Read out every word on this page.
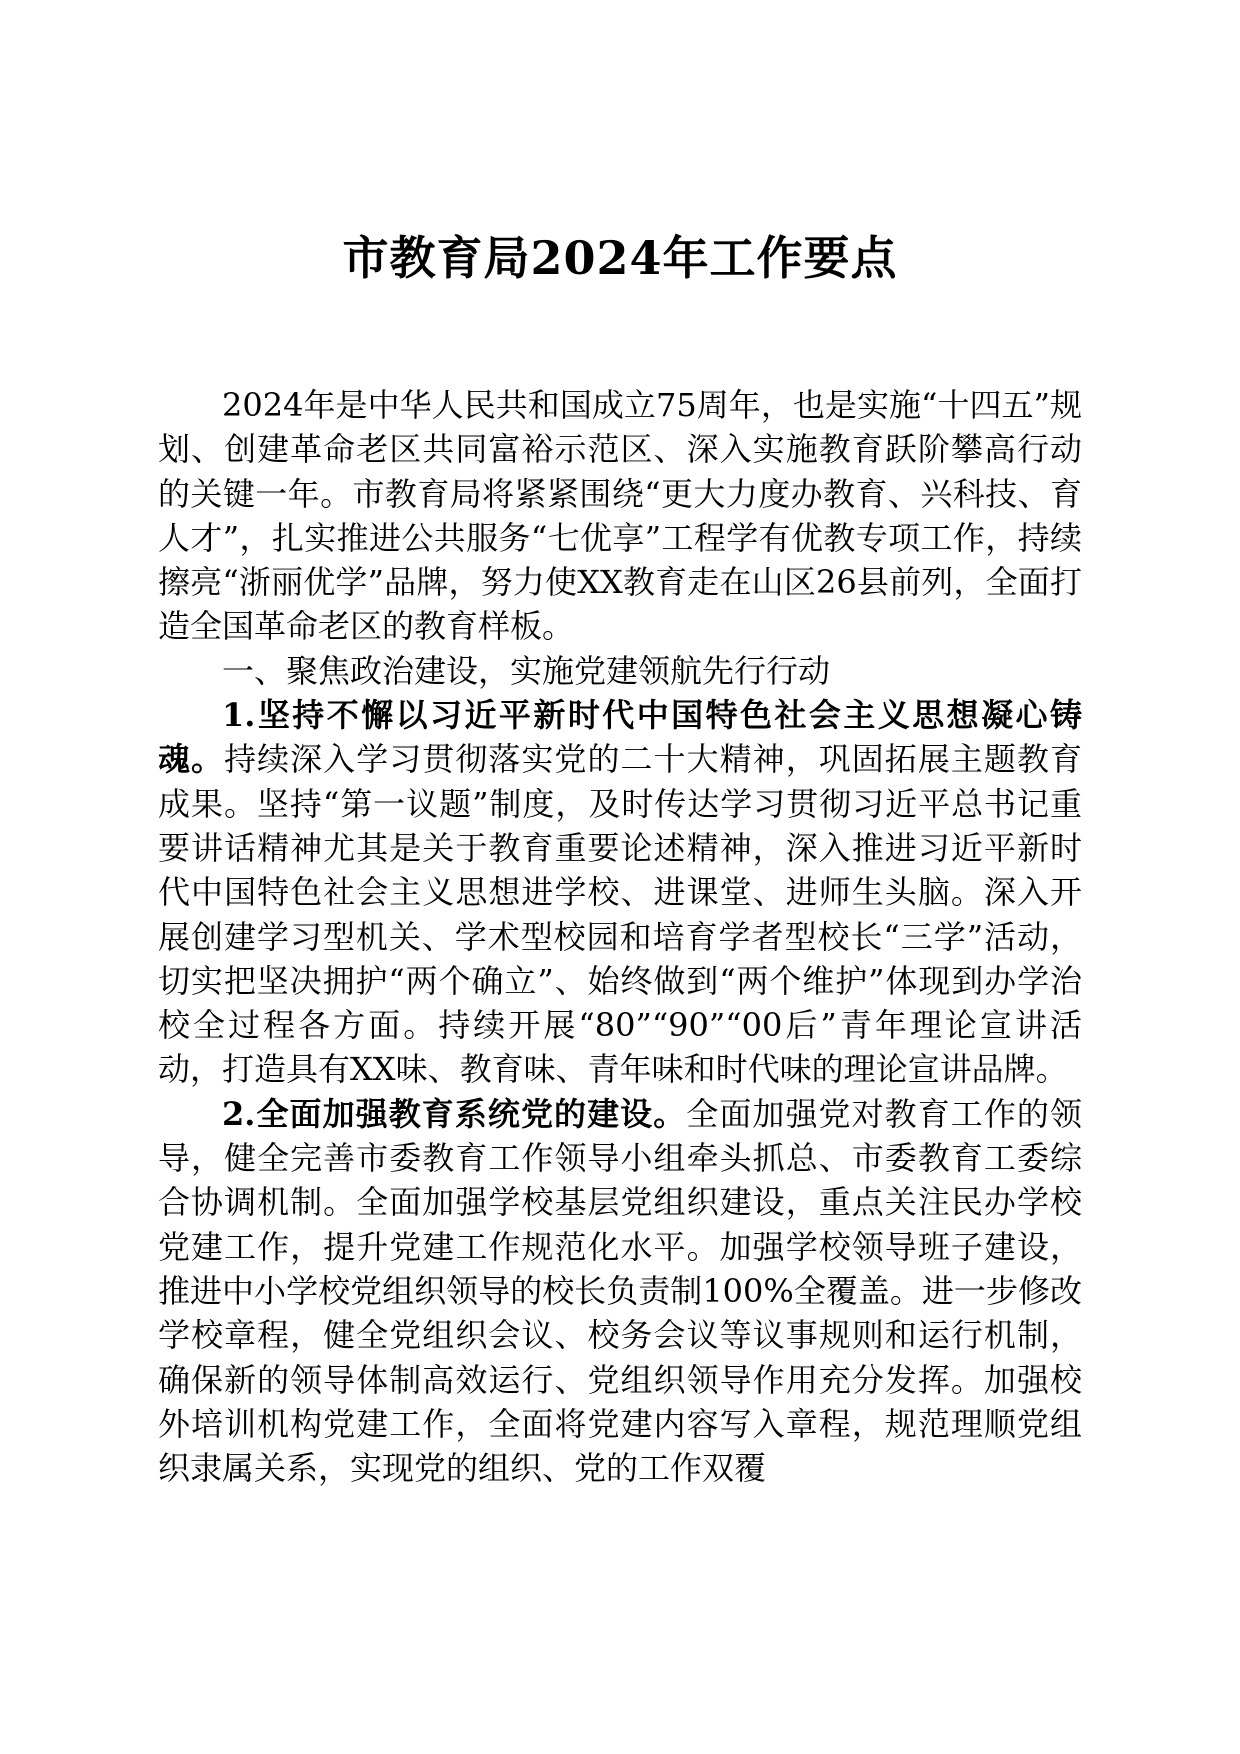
市教育局2024年工作要点

2024年是中华人民共和国成立75周年，也是实施“十四五”规划、创建革命老区共同富裕示范区、深入实施教育跃阶攀高行动的关键一年。市教育局将紧紧围绕“更大力度办教育、兴科技、育人才”，扎实推进公共服务“七优享”工程学有优教专项工作，持续擦亮“浙丽优学”品牌，努力使XX教育走在山区26县前列，全面打造全国革命老区的教育样板。

一、聚焦政治建设，实施党建领航先行行动

1.坚持不懈以习近平新时代中国特色社会主义思想凝心铸魂。持续深入学习贯彻落实党的二十大精神，巩固拓展主题教育成果。坚持“第一议题”制度，及时传达学习贯彻习近平总书记重要讲话精神尤其是关于教育重要论述精神，深入推进习近平新时代中国特色社会主义思想进学校、进课堂、进师生头脑。深入开展创建学习型机关、学术型校园和培育学者型校长“三学”活动，切实把坚决拥护“两个确立”、始终做到“两个维护”体现到办学治校全过程各方面。持续开展“80”“90”“00后”青年理论宣讲活动，打造具有XX味、教育味、青年味和时代味的理论宣讲品牌。

2.全面加强教育系统党的建设。全面加强党对教育工作的领导，健全完善市委教育工作领导小组牵头抓总、市委教育工委综合协调机制。全面加强学校基层党组织建设，重点关注民办学校党建工作，提升党建工作规范化水平。加强学校领导班子建设，推进中小学校党组织领导的校长负责制100%全覆盖。进一步修改学校章程，健全党组织会议、校务会议等议事规则和运行机制，确保新的领导体制高效运行、党组织领导作用充分发挥。加强校外培训机构党建工作，全面将党建内容写入章程，规范理顺党组织隶属关系，实现党的组织、党的工作双覆
